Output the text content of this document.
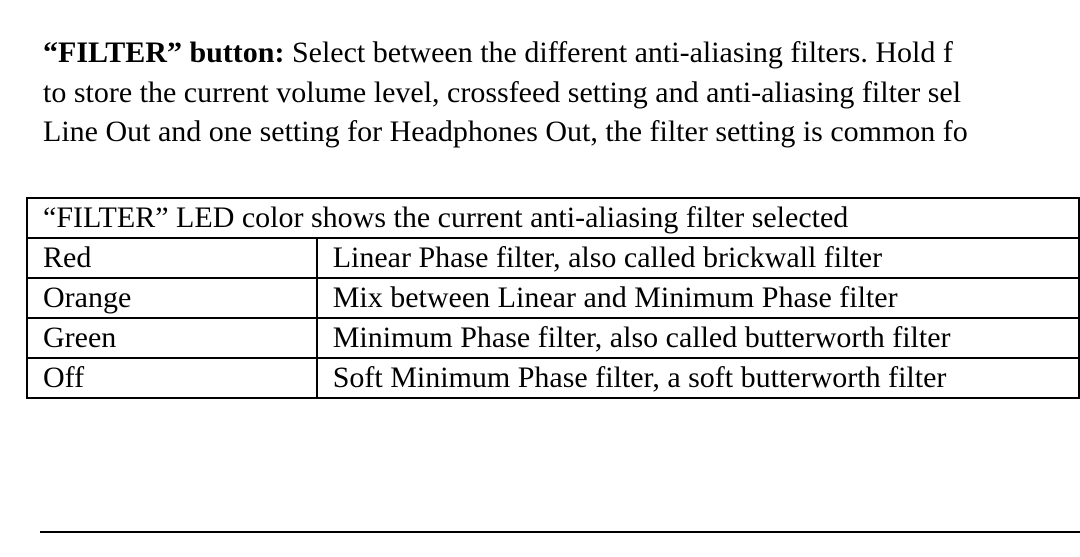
“FILTER” button: Select between the different anti-aliasing filters. Hold f
to store the current volume level, crossfeed setting and anti-aliasing filter sel
Line Out and one setting for Headphones Out, the filter setting is common fo
“FILTER” LED color shows the current anti-aliasing filter selected	
Red	Linear Phase filter, also called brickwall filter
Orange	Mix between Linear and Minimum Phase filter
Green	Minimum Phase filter, also called butterworth filter
Off	Soft Minimum Phase filter, a soft butterworth filter
